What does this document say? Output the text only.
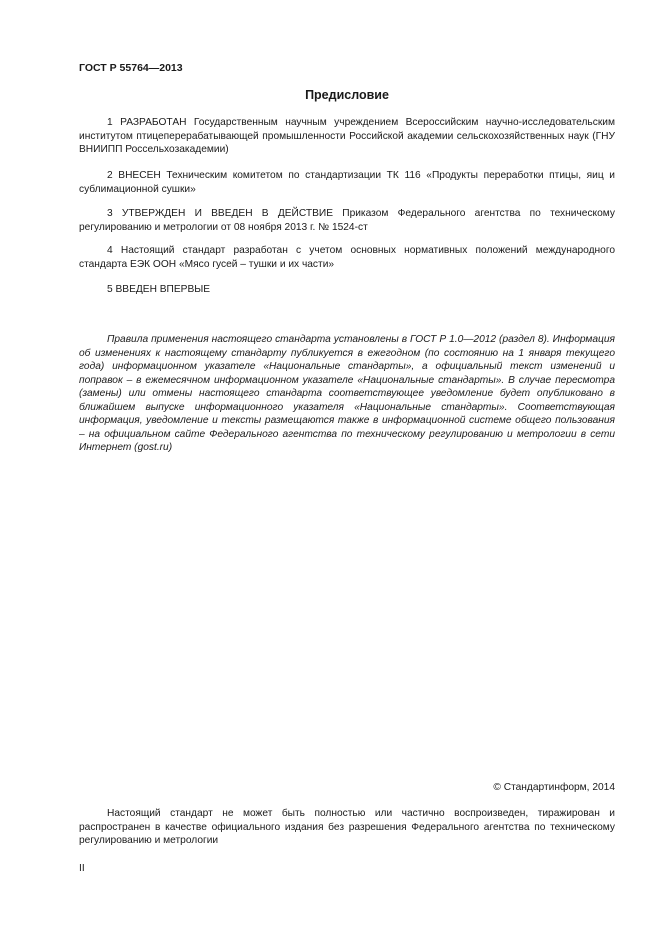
ГОСТ Р 55764—2013
Предисловие

1 РАЗРАБОТАН Государственным научным учреждением Всероссийским научно-исследовательским институтом птицеперерабатывающей промышленности Российской академии сельскохозяйственных наук (ГНУ ВНИИПП Россельхозакадемии)

2 ВНЕСЕН Техническим комитетом по стандартизации ТК 116 «Продукты переработки птицы, яиц и сублимационной сушки»

3 УТВЕРЖДЕН И ВВЕДЕН В ДЕЙСТВИЕ Приказом Федерального агентства по техническому регулированию и метрологии от 08 ноября 2013 г. № 1524-ст

4 Настоящий стандарт разработан с учетом основных нормативных положений международного стандарта ЕЭК ООН «Мясо гусей – тушки и их части»

5 ВВЕДЕН ВПЕРВЫЕ

Правила применения настоящего стандарта установлены в ГОСТ Р 1.0—2012 (раздел 8). Информация об изменениях к настоящему стандарту публикуется в ежегодном (по состоянию на 1 января текущего года) информационном указателе «Национальные стандарты», а официальный текст изменений и поправок – в ежемесячном информационном указателе «Национальные стандарты». В случае пересмотра (замены) или отмены настоящего стандарта соответствующее уведомление будет опубликовано в ближайшем выпуске информационного указателя «Национальные стандарты». Соответствующая информация, уведомление и тексты размещаются также в информационной системе общего пользования – на официальном сайте Федерального агентства по техническому регулированию и метрологии в сети Интернет (gost.ru)

© Стандартинформ, 2014

Настоящий стандарт не может быть полностью или частично воспроизведен, тиражирован и распространен в качестве официального издания без разрешения Федерального агентства по техническому регулированию и метрологии

II
